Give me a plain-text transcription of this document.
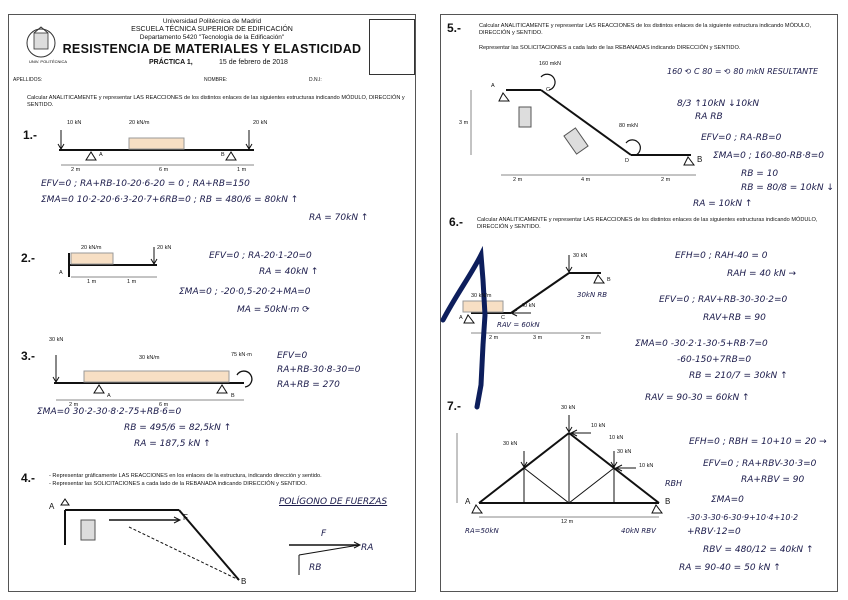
UNIV. POLITÉCNICA
Universidad Politécnica de Madrid
ESCUELA TÉCNICA SUPERIOR DE EDIFICACIÓN
Departamento 5420 "Tecnología de la Edificación"
RESISTENCIA DE MATERIALES Y ELASTICIDAD
PRÁCTICA 1,	15 de febrero de 2018
APELLIDOS:	NOMBRE:	D.N.I:
Calcular ANALITICAMENTE y representar LAS REACCIONES de los distintos enlaces de las siguientes estructuras indicando MÓDULO, DIRECCIÓN y SENTIDO.
1.-
10 kN	20 kN/m	20 kN
2 m	6 m	1 m
A	B
EFV=0 ; RA+RB-10-20·6-20 = 0 ; RA+RB=150
ΣMA=0 10·2-20·6·3-20·7+6RB=0 ; RB = 480/6 = 80kN ↑
RA = 70kN ↑
2.-
20 kN/m	20 kN
1 m	1 m
A
EFV=0 ; RA-20·1-20=0
RA = 40kN ↑
ΣMA=0 ; -20·0,5-20·2+MA=0
MA = 50kN·m ⟳
3.-
30 kN
30 kN/m	75 kN·m
2 m	6 m
A	B
EFV=0
RA+RB-30·8-30=0
RA+RB = 270
ΣMA=0 30·2-30·8·2-75+RB·6=0
RB = 495/6 = 82,5kN ↑
RA = 187,5 kN ↑
4.- - Representar gráficamente LAS REACCIONES en los enlaces de la estructura, indicando dirección y sentido.
- Representar las SOLICITACIONES a cada lado de la REBANADA indicando DIRECCIÓN y SENTIDO.
A
F
B
POLÍGONO DE FUERZAS
F
RA
RB
5.-	Calcular ANALITICAMENTE y representar LAS REACCIONES de los distintos enlaces de la siguiente estructura indicando MÓDULO, DIRECCIÓN y SENTIDO.
Representar las SOLICITACIONES a cada lado de las REBANADAS indicando DIRECCIÓN y SENTIDO.
160 mkN
80 mkN
2 m	4 m	2 m
3 m
A
C
D	B
160 ⟲ C 80 = ⟲ 80 mkN RESULTANTE
8/3 ↑10kN ↓10kN
RA RB
EFV=0 ; RA-RB=0
ΣMA=0 ; 160-80-RB·8=0
RB = 10
RB = 80/8 = 10kN ↓
RA = 10kN ↑
6.- Calcular ANALITICAMENTE y representar LAS REACCIONES de los distintos enlaces de las siguientes estructuras indicando MÓDULO, DIRECCIÓN y SENTIDO.
30 kN
40 kN
30 kN/m
2 m	3 m	2 m
A	C
B
EFH=0 ; RAH-40 = 0
RAH = 40 kN →
EFV=0 ; RAV+RB-30-30·2=0
RAV+RB = 90
ΣMA=0 -30·2·1-30·5+RB·7=0
-60-150+7RB=0
RB = 210/7 = 30kN ↑
RAV = 90-30 = 60kN ↑
30kN RB
RAV = 60kN
7.-	30 kN
10 kN
30 kN
10 kN
30 kN
10 kN
12 m
A	B
EFH=0 ; RBH = 10+10 = 20 →
EFV=0 ; RA+RBV-30·3=0
RA+RBV = 90
ΣMA=0
-30·3-30·6-30·9+10·4+10·2
+RBV·12=0
RBV = 480/12 = 40kN ↑
RA = 90-40 = 50 kN ↑
RBH
RA=50kN	40kN RBV
